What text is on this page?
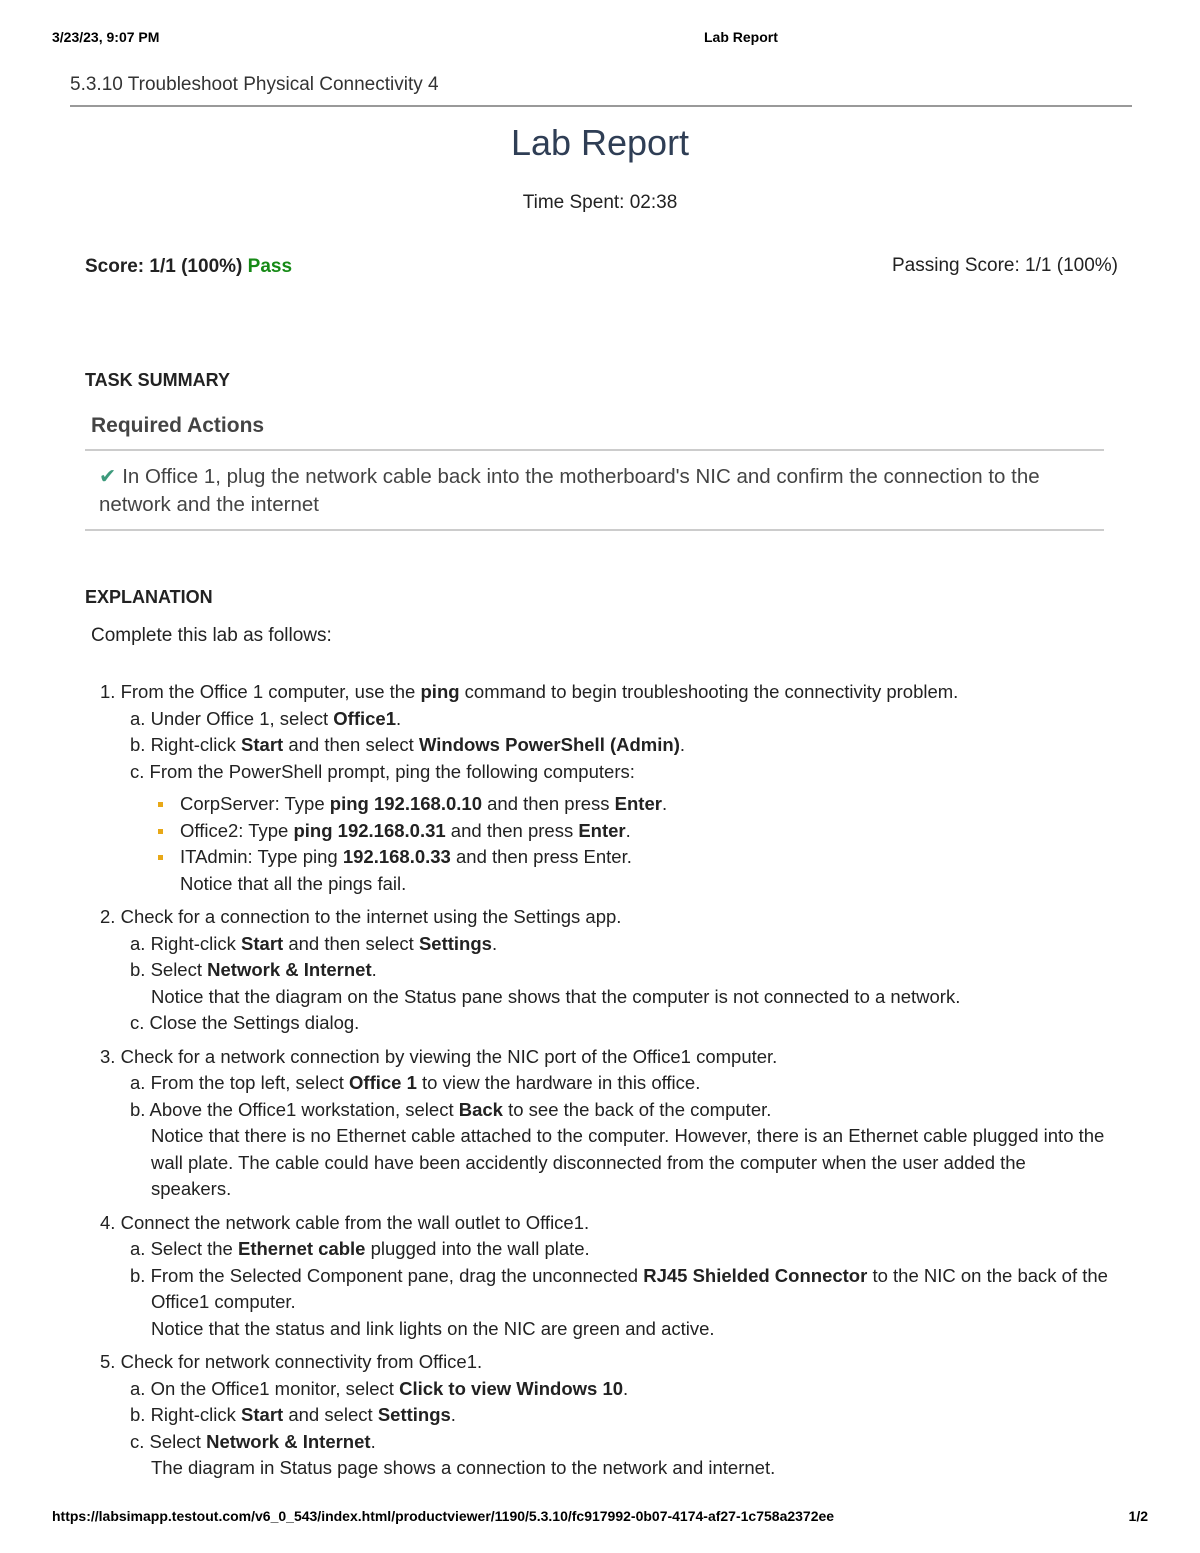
3/23/23, 9:07 PM	Lab Report
5.3.10 Troubleshoot Physical Connectivity 4
Lab Report
Time Spent: 02:38
Score: 1/1 (100%) Pass	Passing Score: 1/1 (100%)
TASK SUMMARY
Required Actions
✔ In Office 1, plug the network cable back into the motherboard's NIC and confirm the connection to the network and the internet
EXPLANATION
Complete this lab as follows:
1. From the Office 1 computer, use the ping command to begin troubleshooting the connectivity problem.
a. Under Office 1, select Office1.
b. Right-click Start and then select Windows PowerShell (Admin).
c. From the PowerShell prompt, ping the following computers:
CorpServer: Type ping 192.168.0.10 and then press Enter.
Office2: Type ping 192.168.0.31 and then press Enter.
ITAdmin: Type ping 192.168.0.33 and then press Enter.
Notice that all the pings fail.
2. Check for a connection to the internet using the Settings app.
a. Right-click Start and then select Settings.
b. Select Network & Internet.
Notice that the diagram on the Status pane shows that the computer is not connected to a network.
c. Close the Settings dialog.
3. Check for a network connection by viewing the NIC port of the Office1 computer.
a. From the top left, select Office 1 to view the hardware in this office.
b. Above the Office1 workstation, select Back to see the back of the computer.
Notice that there is no Ethernet cable attached to the computer. However, there is an Ethernet cable plugged into the wall plate. The cable could have been accidently disconnected from the computer when the user added the speakers.
4. Connect the network cable from the wall outlet to Office1.
a. Select the Ethernet cable plugged into the wall plate.
b. From the Selected Component pane, drag the unconnected RJ45 Shielded Connector to the NIC on the back of the Office1 computer.
Notice that the status and link lights on the NIC are green and active.
5. Check for network connectivity from Office1.
a. On the Office1 monitor, select Click to view Windows 10.
b. Right-click Start and select Settings.
c. Select Network & Internet.
The diagram in Status page shows a connection to the network and internet.
https://labsimapp.testout.com/v6_0_543/index.html/productviewer/1190/5.3.10/fc917992-0b07-4174-af27-1c758a2372ee	1/2
